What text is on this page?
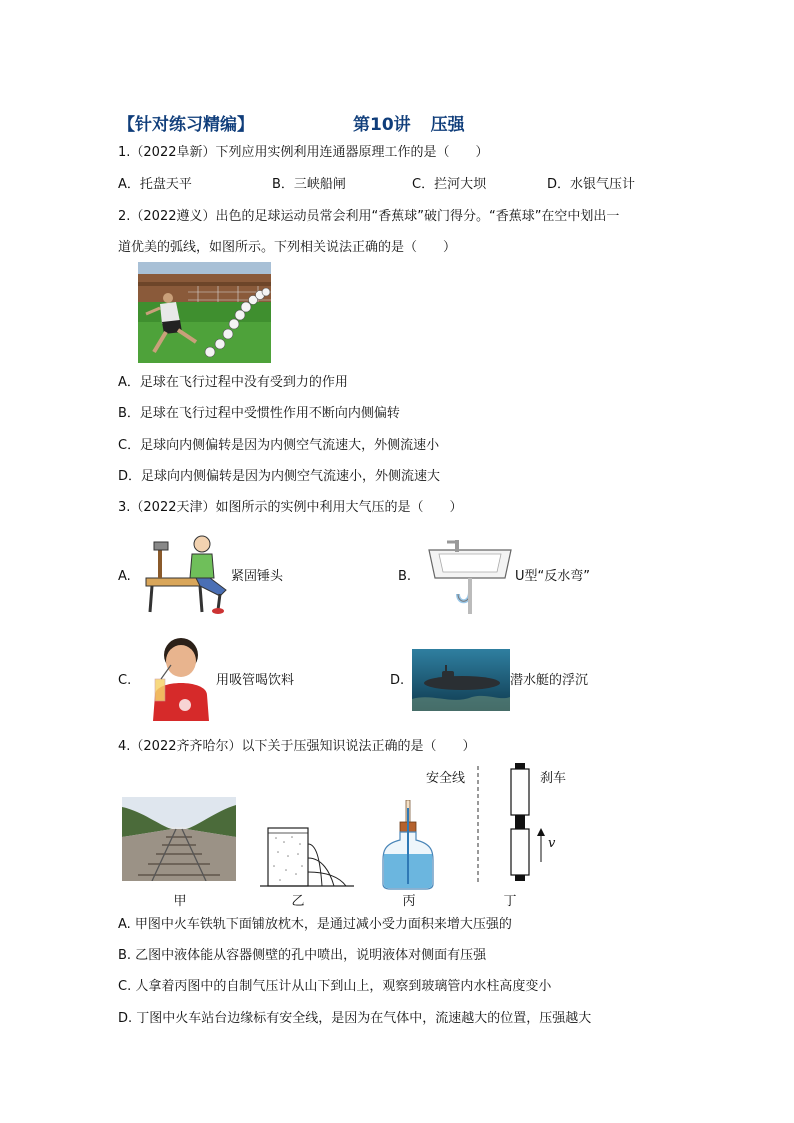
【针对练习精编】	第10讲 压强
1.（2022阜新）下列应用实例利用连通器原理工作的是（　　）
A．托盘天平	B．三峡船闸	C．拦河大坝	D．水银气压计
2.（2022遵义）出色的足球运动员常会利用“香蕉球”破门得分。“香蕉球”在空中划出一
道优美的弧线，如图所示。下列相关说法正确的是（　　）
A．足球在飞行过程中没有受到力的作用
B．足球在飞行过程中受惯性作用不断向内侧偏转
C．足球向内侧偏转是因为内侧空气流速大，外侧流速小
D．足球向内侧偏转是因为内侧空气流速小，外侧流速大
3.（2022天津）如图所示的实例中利用大气压的是（　　）
A.	紧固锤头	B.	U型“反水弯”
C.	用吸管喝饮料	D.	潜水艇的浮沉
4.（2022齐齐哈尔）以下关于压强知识说法正确的是（　　）
甲	乙	丙
安全线	刹车
v
丁
A. 甲图中火车铁轨下面铺放枕木，是通过减小受力面积来增大压强的
B. 乙图中液体能从容器侧壁的孔中喷出，说明液体对侧面有压强
C. 人拿着丙图中的自制气压计从山下到山上，观察到玻璃管内水柱高度变小
D. 丁图中火车站台边缘标有安全线，是因为在气体中，流速越大的位置，压强越大
